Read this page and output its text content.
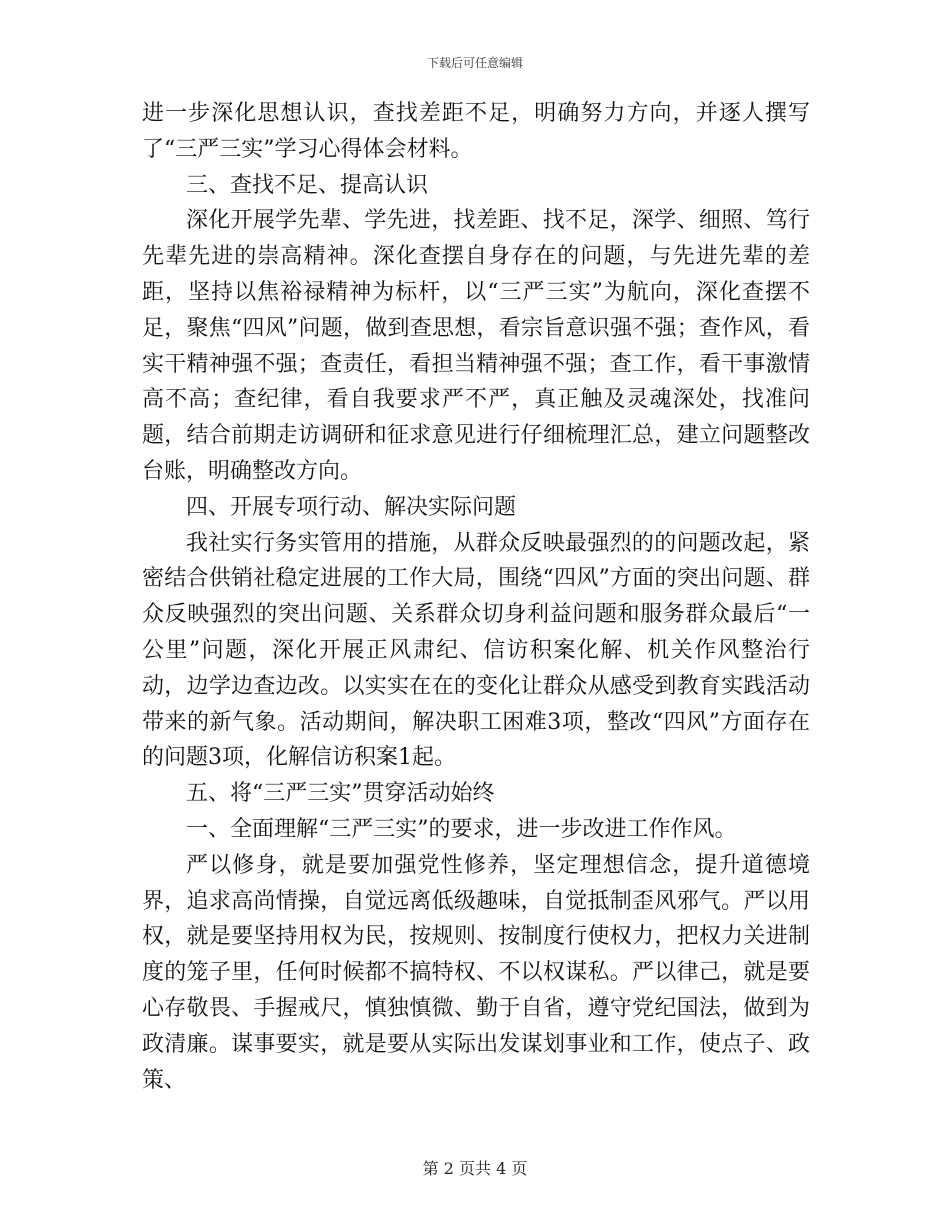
下载后可任意编辑

进一步深化思想认识，查找差距不足，明确努力方向，并逐人撰写了“三严三实”学习心得体会材料。

三、查找不足、提高认识

深化开展学先辈、学先进，找差距、找不足，深学、细照、笃行先辈先进的崇高精神。深化查摆自身存在的问题，与先进先辈的差距，坚持以焦裕禄精神为标杆，以“三严三实”为航向，深化查摆不足，聚焦“四风”问题，做到查思想，看宗旨意识强不强；查作风，看实干精神强不强；查责任，看担当精神强不强；查工作，看干事激情高不高；查纪律，看自我要求严不严，真正触及灵魂深处，找准问题，结合前期走访调研和征求意见进行仔细梳理汇总，建立问题整改台账，明确整改方向。

四、开展专项行动、解决实际问题

我社实行务实管用的措施，从群众反映最强烈的的问题改起，紧密结合供销社稳定进展的工作大局，围绕“四风”方面的突出问题、群众反映强烈的突出问题、关系群众切身利益问题和服务群众最后“一公里”问题，深化开展正风肃纪、信访积案化解、机关作风整治行动，边学边查边改。以实实在在的变化让群众从感受到教育实践活动带来的新气象。活动期间，解决职工困难3项，整改“四风”方面存在的问题3项，化解信访积案1起。

五、将“三严三实”贯穿活动始终

一、全面理解“三严三实”的要求，进一步改进工作作风。

严以修身，就是要加强党性修养，坚定理想信念，提升道德境界，追求高尚情操，自觉远离低级趣味，自觉抵制歪风邪气。严以用权，就是要坚持用权为民，按规则、按制度行使权力，把权力关进制度的笼子里，任何时候都不搞特权、不以权谋私。严以律己，就是要心存敬畏、手握戒尺，慎独慎微、勤于自省，遵守党纪国法，做到为政清廉。谋事要实，就是要从实际出发谋划事业和工作，使点子、政策、

第 2 页共 4 页
